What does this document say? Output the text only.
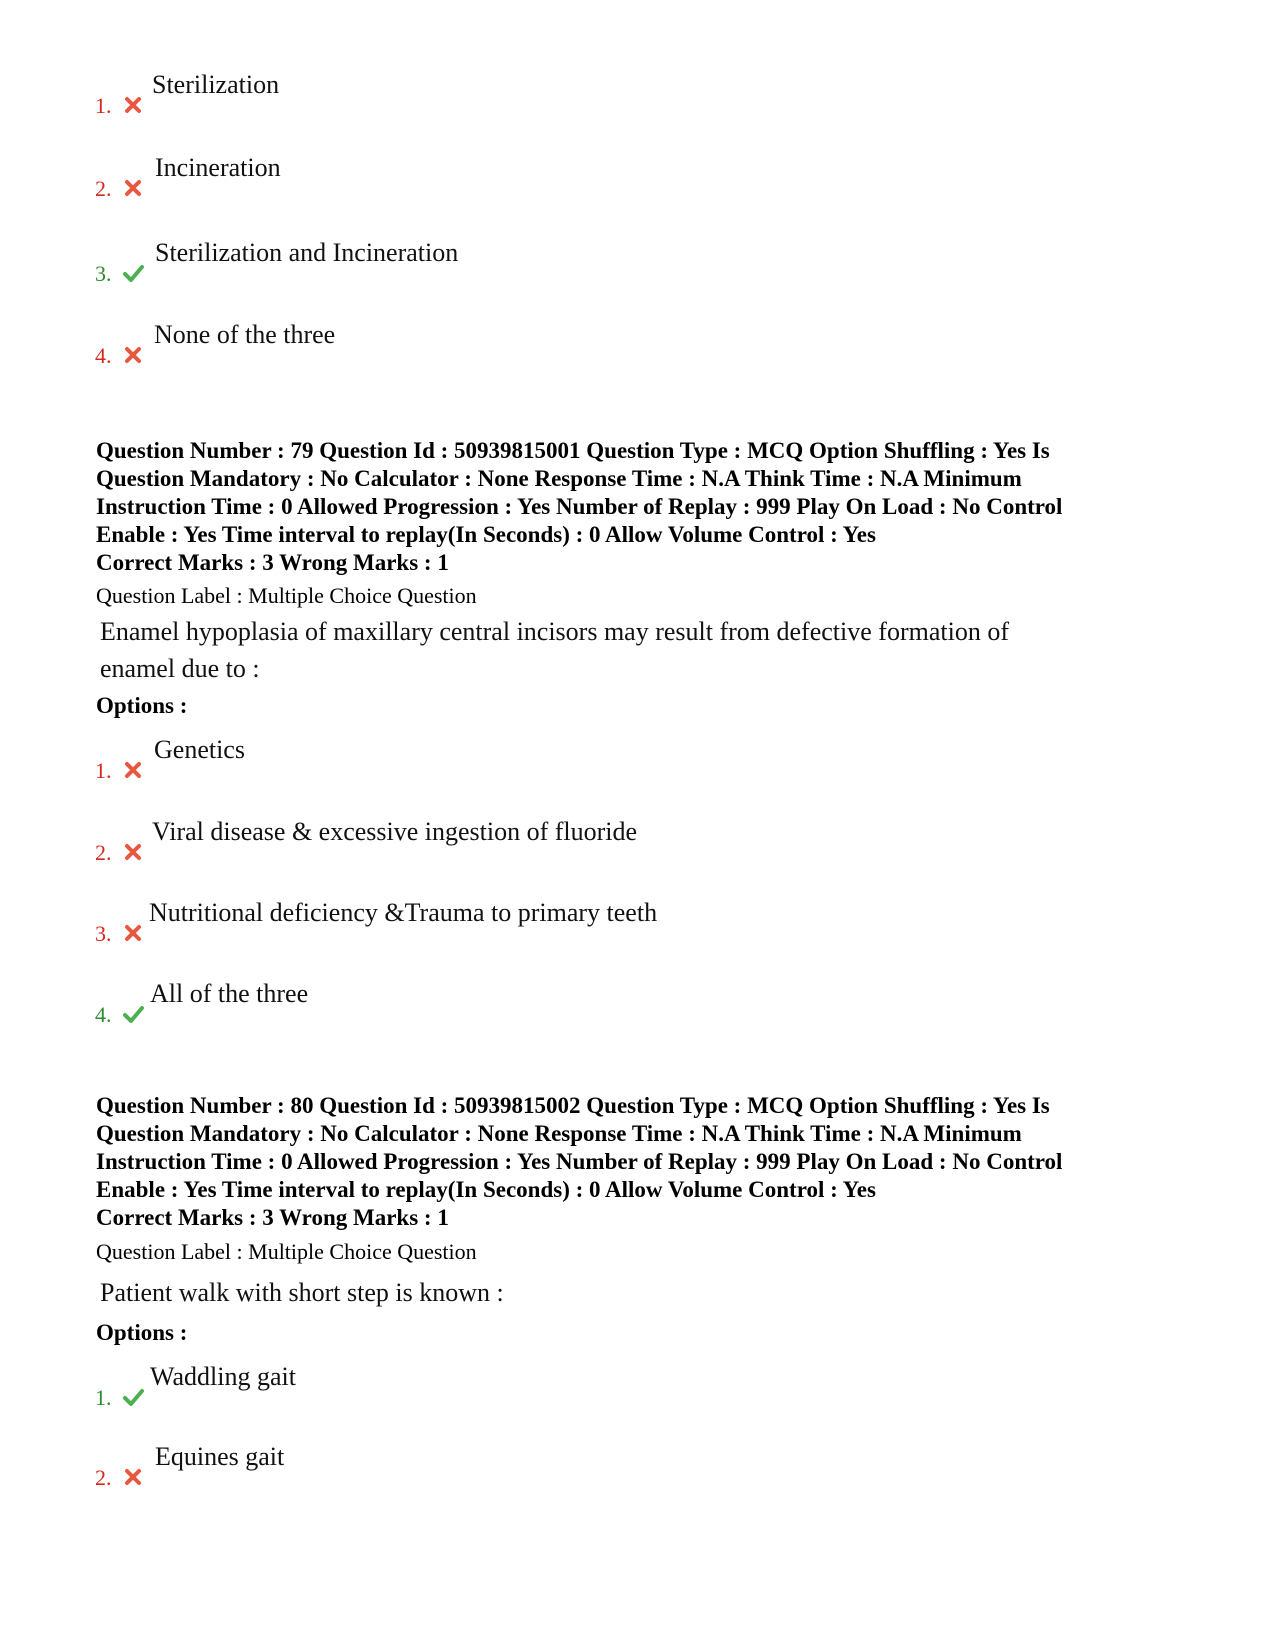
1.
Sterilization
2.
Incineration
3.
Sterilization and Incineration
4.
None of the three
Question Number : 79 Question Id : 50939815001 Question Type : MCQ Option Shuffling : Yes Is
Question Mandatory : No Calculator : None Response Time : N.A Think Time : N.A Minimum
Instruction Time : 0 Allowed Progression : Yes Number of Replay : 999 Play On Load : No Control
Enable : Yes Time interval to replay(In Seconds) : 0 Allow Volume Control : Yes
Correct Marks : 3 Wrong Marks : 1
Question Label : Multiple Choice Question
Enamel hypoplasia of maxillary central incisors may result from defective formation of
enamel due to :
Options :
1.
Genetics
2.
Viral disease & excessive ingestion of fluoride
3.
Nutritional deficiency &Trauma to primary teeth
4.
All of the three
Question Number : 80 Question Id : 50939815002 Question Type : MCQ Option Shuffling : Yes Is
Question Mandatory : No Calculator : None Response Time : N.A Think Time : N.A Minimum
Instruction Time : 0 Allowed Progression : Yes Number of Replay : 999 Play On Load : No Control
Enable : Yes Time interval to replay(In Seconds) : 0 Allow Volume Control : Yes
Correct Marks : 3 Wrong Marks : 1
Question Label : Multiple Choice Question
Patient walk with short step is known :
Options :
1.
Waddling gait
2.
Equines gait
